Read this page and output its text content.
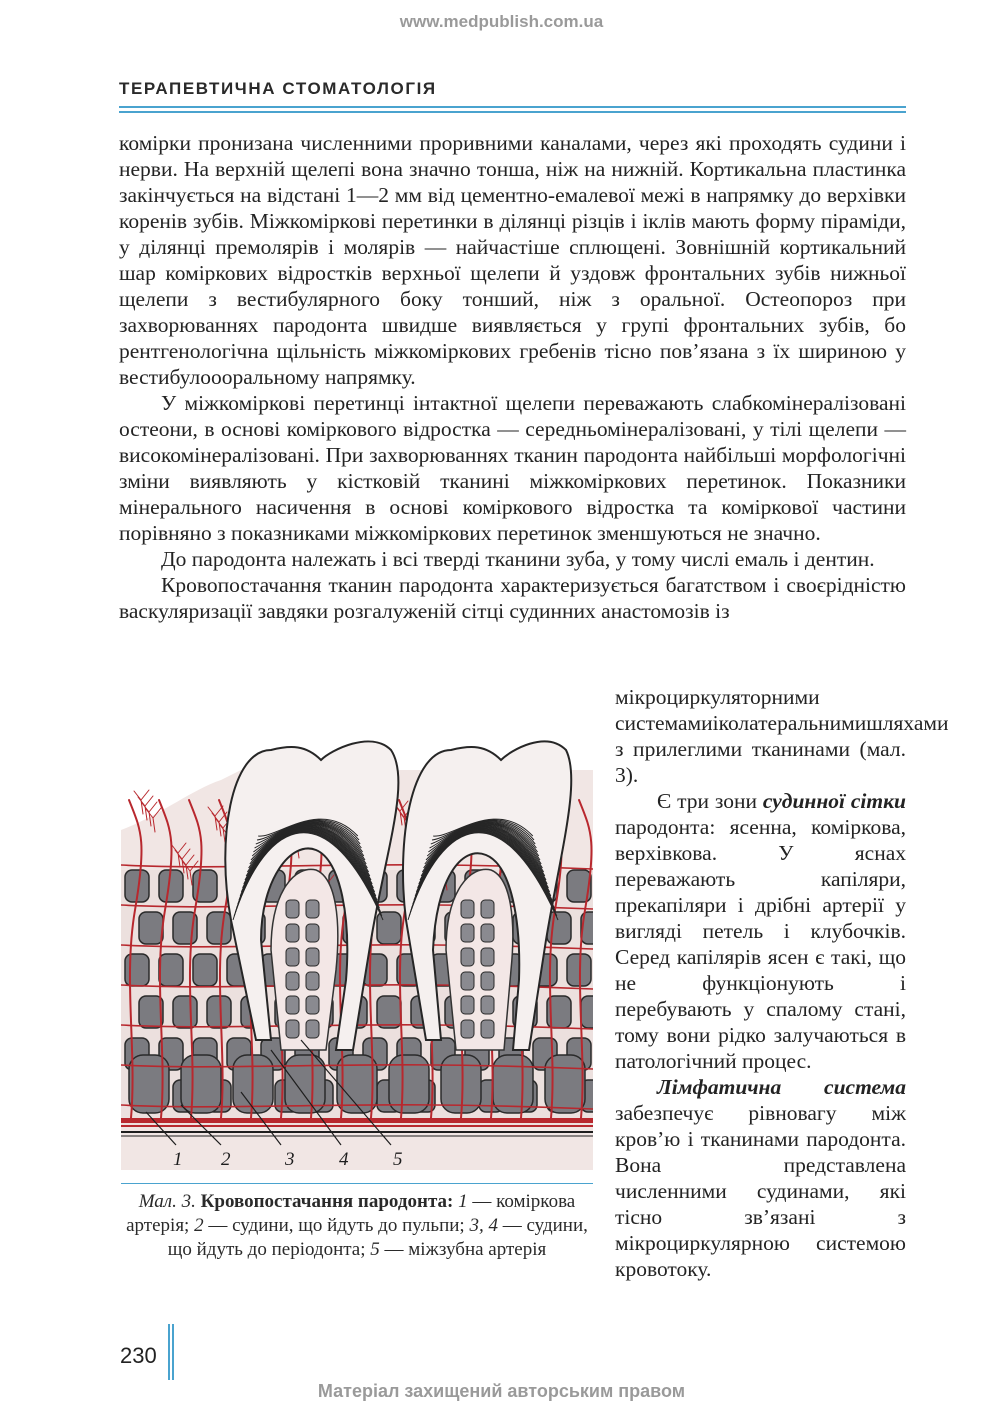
www.medpublish.com.ua
ТЕРАПЕВТИЧНА СТОМАТОЛОГІЯ

комірки пронизана численними проривними каналами, через які проходять судини і нерви. На верхній щелепі вона значно тонша, ніж на нижній. Кортикальна пластинка закінчується на відстані 1—2 мм від цементно-емалевої межі в напрямку до верхівки коренів зубів. Міжкоміркові перетинки в ділянці різців і іклів мають форму піраміди, у ділянці премолярів і молярів — найчастіше сплющені. Зовнішній кортикальний шар коміркових відростків верхньої щелепи й уздовж фронтальних зубів нижньої щелепи з вестибулярного боку тонший, ніж з оральної. Остеопороз при захворюваннях пародонта швидше виявляється у групі фронтальних зубів, бо рентгенологічна щільність міжкоміркових гребенів тісно пов’язана з їх шириною у вестибулоооральному напрямку.

У міжкоміркові перетинці інтактної щелепи переважають слабкомінералізовані остеони, в основі коміркового відростка — середньомінералізовані, у тілі щелепи — високомінералізовані. При захворюваннях тканин пародонта найбільші морфологічні зміни виявляють у кістковій тканині міжкоміркових перетинок. Показники мінерального насичення в основі коміркового відростка та коміркової частини порівняно з показниками міжкоміркових перетинок зменшуються не значно.

До пародонта належать і всі тверді тканини зуба, у тому числі емаль і дентин.

Кровопостачання тканин пародонта характеризується багатством і своєрідністю васкуляризації завдяки розгалуженій сітці судинних анастомозів із

мікроциркуляторними системамиіколатеральнимишляхами з прилеглими тканинами (мал. 3).

Є три зони судинної сітки пародонта: ясенна, коміркова, верхівкова. У яснах переважають капіляри, прекапіляри і дрібні артерії у вигляді петель і клубочків. Серед капілярів ясен є такі, що не функціонують і перебувають у спалому стані, тому вони рідко залучаються в патологічний процес.

Лімфатична система забезпечує рівновагу між кров’ю і тканинами пародонта. Вона представлена численними судинами, які тісно зв’язані з мікроциркулярною системою кровотоку.

1 2	3 4 5
Мал. 3. Кровопостачання пародонта: 1 — коміркова артерія; 2 — судини, що йдуть до пульпи; 3, 4 — судини, що йдуть до періодонта; 5 — міжзубна артерія
230
Матеріал захищений авторським правом
